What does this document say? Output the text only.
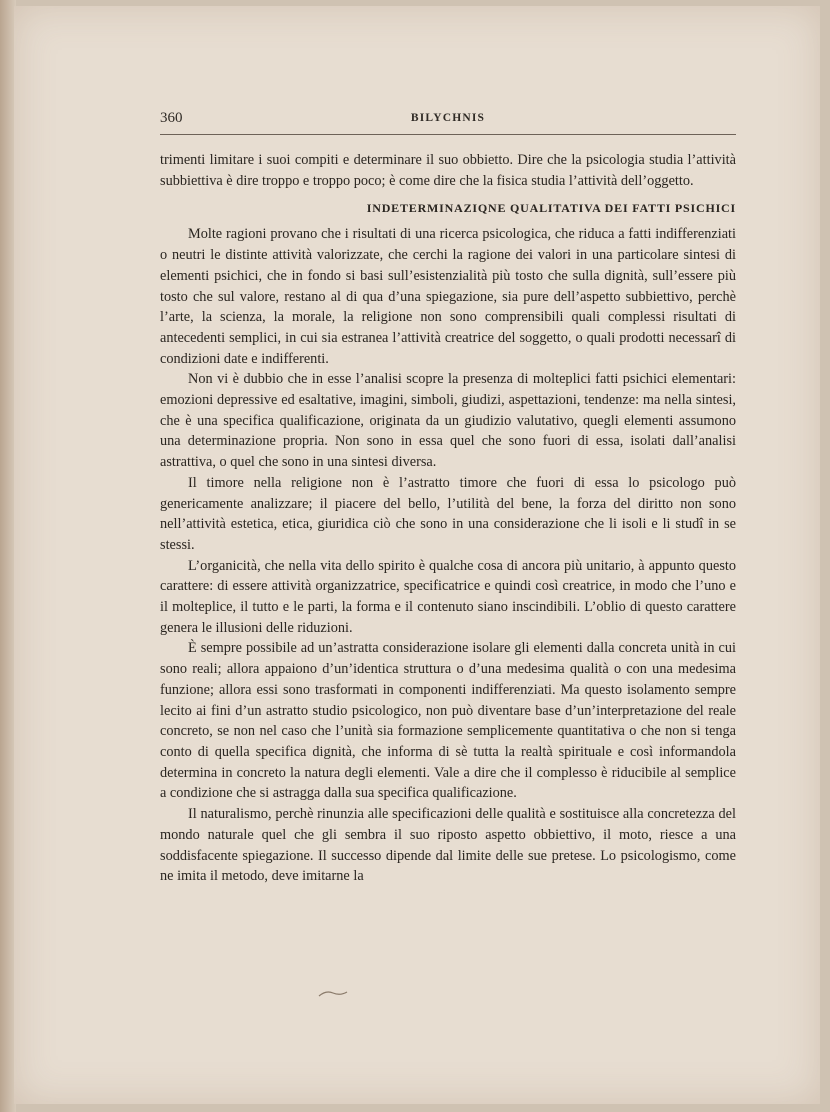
360	BILYCHNIS

trimenti limitare i suoi compiti e determinare il suo obbietto. Dire che la psicologia studia l’attività subbiettiva è dire troppo e troppo poco; è come dire che la fisica studia l’attività dell’oggetto.

INDETERMINAZIQNE QUALITATIVA DEI FATTI PSICHICI

Molte ragioni provano che i risultati di una ricerca psicologica, che riduca a fatti indifferenziati o neutri le distinte attività valorizzate, che cerchi la ragione dei valori in una particolare sintesi di elementi psichici, che in fondo si basi sull’esistenzialità più tosto che sulla dignità, sull’essere più tosto che sul valore, restano al di qua d’una spiegazione, sia pure dell’aspetto subbiettivo, perchè l’arte, la scienza, la morale, la religione non sono comprensibili quali complessi risultati di antecedenti semplici, in cui sia estranea l’attività creatrice del soggetto, o quali prodotti necessarî di condizioni date e indifferenti.

Non vi è dubbio che in esse l’analisi scopre la presenza di molteplici fatti psichici elementari: emozioni depressive ed esaltative, imagini, simboli, giudizi, aspettazioni, tendenze: ma nella sintesi, che è una specifica qualificazione, originata da un giudizio valutativo, quegli elementi assumono una determinazione propria. Non sono in essa quel che sono fuori di essa, isolati dall’analisi astrattiva, o quel che sono in una sintesi diversa.

Il timore nella religione non è l’astratto timore che fuori di essa lo psicologo può genericamente analizzare; il piacere del bello, l’utilità del bene, la forza del diritto non sono nell’attività estetica, etica, giuridica ciò che sono in una considerazione che li isoli e li studî in se stessi.

L’organicità, che nella vita dello spirito è qualche cosa di ancora più unitario, à appunto questo carattere: di essere attività organizzatrice, specificatrice e quindi così creatrice, in modo che l’uno e il molteplice, il tutto e le parti, la forma e il contenuto siano inscindibili. L’oblio di questo carattere genera le illusioni delle riduzioni.

È sempre possibile ad un’astratta considerazione isolare gli elementi dalla concreta unità in cui sono reali; allora appaiono d’un’identica struttura o d’una medesima qualità o con una medesima funzione; allora essi sono trasformati in componenti indifferenziati. Ma questo isolamento sempre lecito ai fini d’un astratto studio psicologico, non può diventare base d’un’interpretazione del reale concreto, se non nel caso che l’unità sia formazione semplicemente quantitativa o che non si tenga conto di quella specifica dignità, che informa di sè tutta la realtà spirituale e così informandola determina in concreto la natura degli elementi. Vale a dire che il complesso è riducibile al semplice a condizione che si astragga dalla sua specifica qualificazione.

Il naturalismo, perchè rinunzia alle specificazioni delle qualità e sostituisce alla concretezza del mondo naturale quel che gli sembra il suo riposto aspetto obbiettivo, il moto, riesce a una soddisfacente spiegazione. Il successo dipende dal limite delle sue pretese. Lo psicologismo, come ne imita il metodo, deve imitarne la
